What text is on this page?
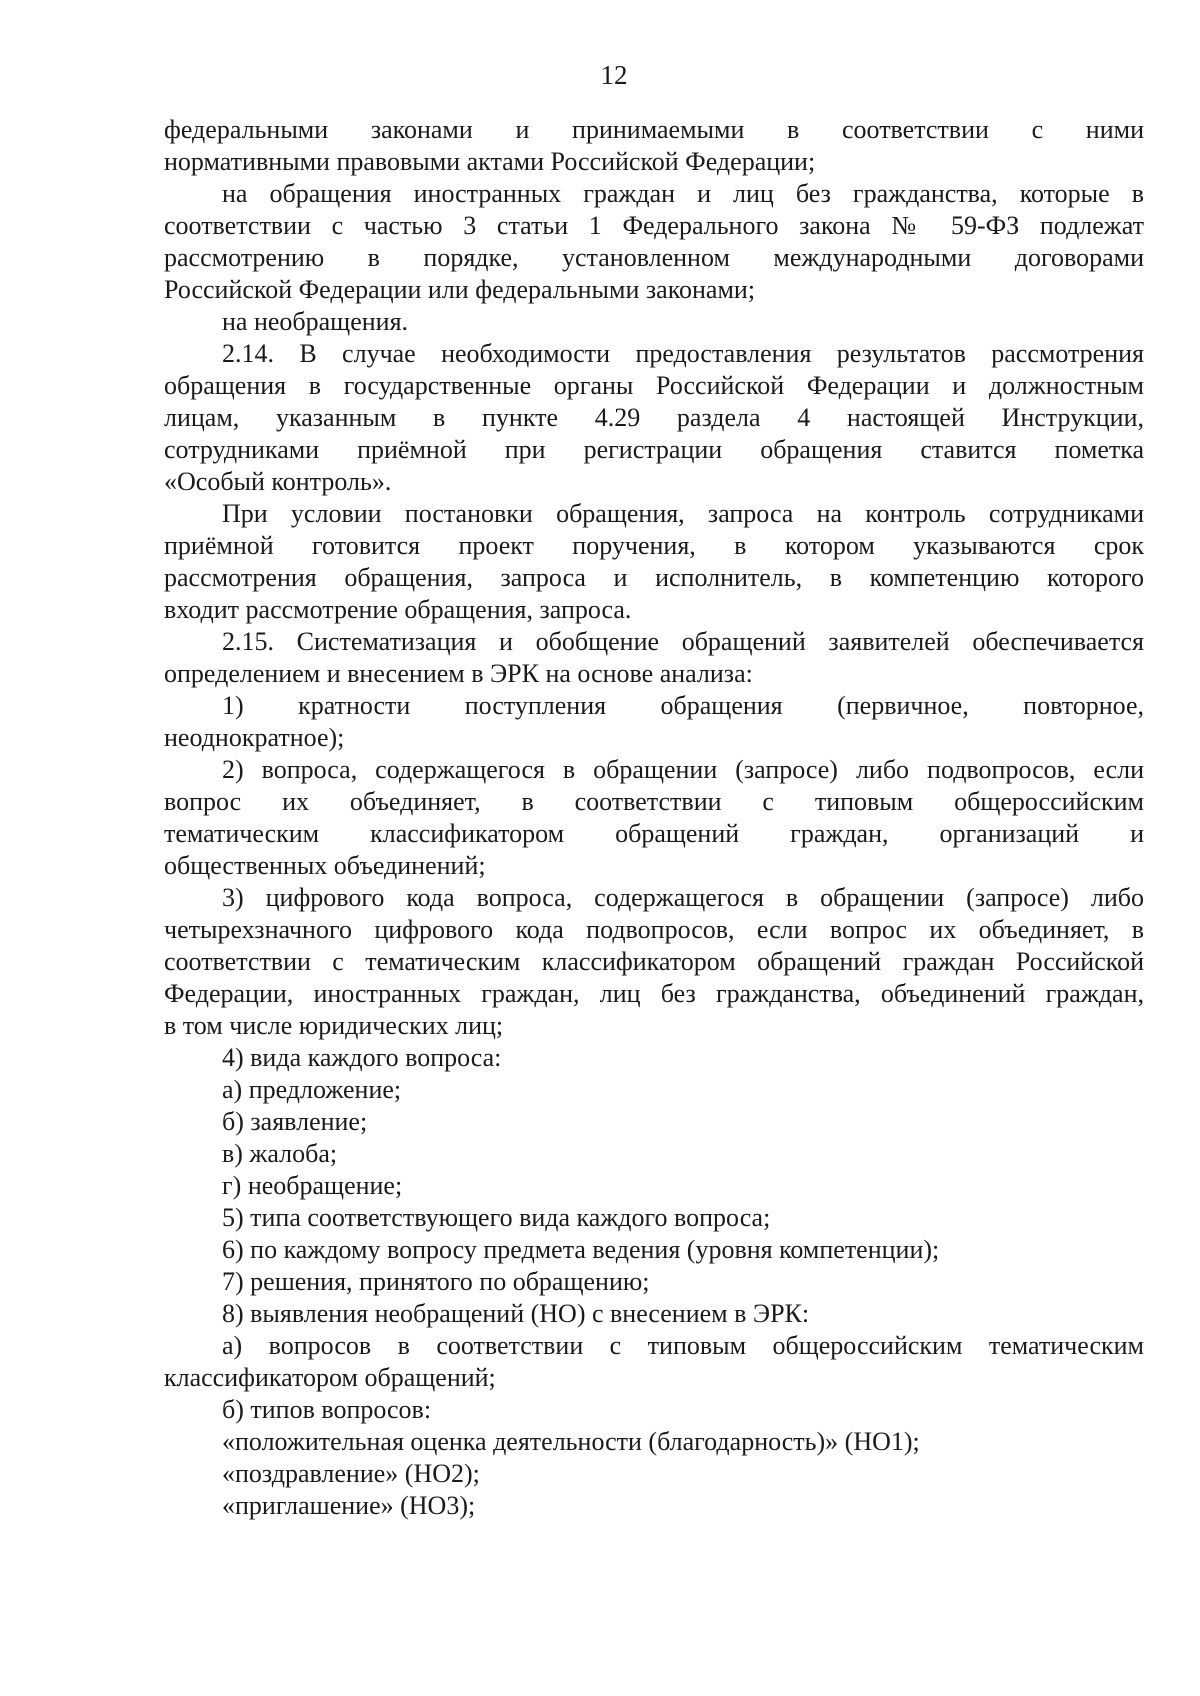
12
федеральными законами и принимаемыми в соответствии с ними
нормативными правовыми актами Российской Федерации;
на обращения иностранных граждан и лиц без гражданства, которые в
соответствии с частью 3 статьи 1 Федерального закона № 59-ФЗ подлежат
рассмотрению в порядке, установленном международными договорами
Российской Федерации или федеральными законами;
на необращения.
2.14. В случае необходимости предоставления результатов рассмотрения
обращения в государственные органы Российской Федерации и должностным
лицам, указанным в пункте 4.29 раздела 4 настоящей Инструкции,
сотрудниками приёмной при регистрации обращения ставится пометка
«Особый контроль».
При условии постановки обращения, запроса на контроль сотрудниками
приёмной готовится проект поручения, в котором указываются срок
рассмотрения обращения, запроса и исполнитель, в компетенцию которого
входит рассмотрение обращения, запроса.
2.15. Систематизация и обобщение обращений заявителей обеспечивается
определением и внесением в ЭРК на основе анализа:
1) кратности поступления обращения (первичное, повторное,
неоднократное);
2) вопроса, содержащегося в обращении (запросе) либо подвопросов, если
вопрос их объединяет, в соответствии с типовым общероссийским
тематическим классификатором обращений граждан, организаций и
общественных объединений;
3) цифрового кода вопроса, содержащегося в обращении (запросе) либо
четырехзначного цифрового кода подвопросов, если вопрос их объединяет, в
соответствии с тематическим классификатором обращений граждан Российской
Федерации, иностранных граждан, лиц без гражданства, объединений граждан,
в том числе юридических лиц;
4) вида каждого вопроса:
а) предложение;
б) заявление;
в) жалоба;
г) необращение;
5) типа соответствующего вида каждого вопроса;
6) по каждому вопросу предмета ведения (уровня компетенции);
7) решения, принятого по обращению;
8) выявления необращений (НО) с внесением в ЭРК:
а) вопросов в соответствии с типовым общероссийским тематическим
классификатором обращений;
б) типов вопросов:
«положительная оценка деятельности (благодарность)» (НО1);
«поздравление» (НО2);
«приглашение» (НО3);
